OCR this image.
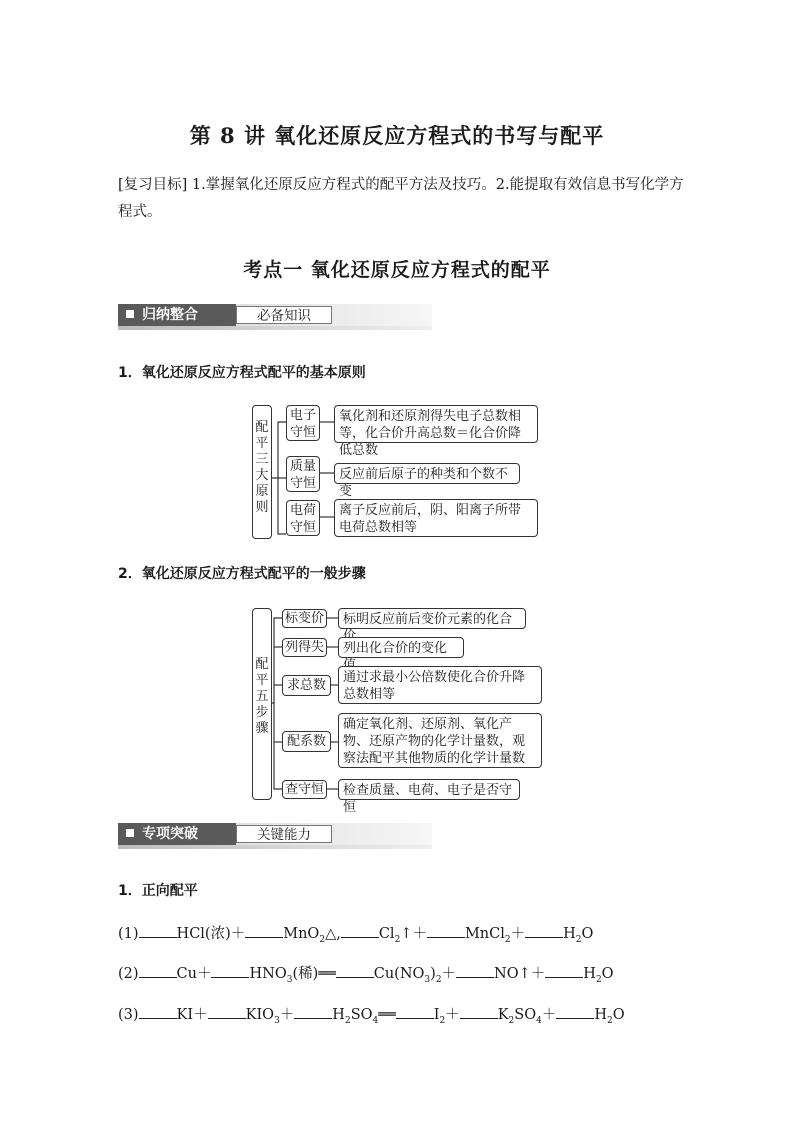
第 8 讲 氧化还原反应方程式的书写与配平
[复习目标] 1.掌握氧化还原反应方程式的配平方法及技巧。2.能提取有效信息书写化学方程式。
考点一 氧化还原反应方程式的配平
归纳整合	必备知识
1．氧化还原反应方程式配平的基本原则
配平三大原则
电子守恒
氧化剂和还原剂得失电子总数相等，化合价升高总数＝化合价降低总数
质量守恒
反应前后原子的种类和个数不变
电荷守恒
离子反应前后，阴、阳离子所带电荷总数相等
2．氧化还原反应方程式配平的一般步骤
配平五步骤
标变价	标明反应前后变价元素的化合
列得失	列出化合价的变化
求总数
通过求最小公倍数使化合价升降总数相等
配系数
确定氧化剂、还原剂、氧化产物、还原产物的化学计量数，观察法配平其他物质的化学计量数
查守恒	检查质量、电荷、电子是否守恒
专项突破	关键能力
1．正向配平
(1)	HCl(浓)＋	MnO$_2$△,	$Cl_2↑+$	MnCl$_2$＋	$H_2O$
(2)	Cu＋	$HNO_3$(稀)══	$Cu(NO_3)_2+$	NO↑＋	$H_2O$
(3)	KI＋	$KIO_3+$	$H_2SO_4══$	$I_2+$	$K_2SO_4+$	$H_2O$
